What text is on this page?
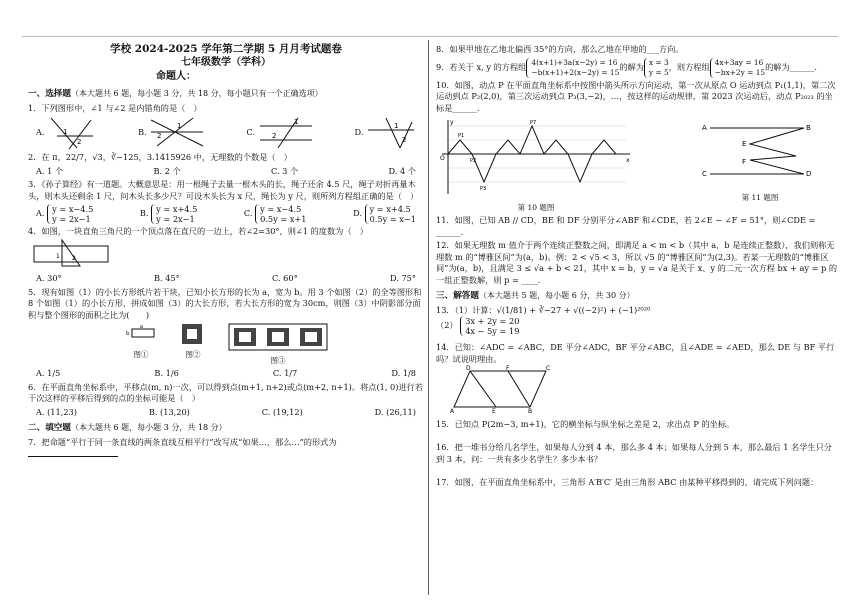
学校 2024-2025 学年第二学期 5 月月考试题卷
七年级数学（学科）
命题人：
一、选择题（本大题共 6 题，每小题 3 分，共 18 分，每小题只有一个正确选项）
1．下列图形中，∠1 与∠2 是内错角的是（　）
A.	1
2
B.
1
2	C.
1
2	D.
1
2
2．在 π，22/7，√3，∛−125，3.1415926 中，无理数的个数是（　）
A. 1 个	B. 2 个	C. 3 个	D. 4 个
3．《孙子算经》有一道题。大概意思是：用一根绳子去量一根木头的长，绳子还余 4.5 尺，绳子对折再量木头，则木头还剩余 1 尺，问木头长多少尺？可设木头长为 x 尺，绳长为 y 尺，则所列方程组正确的是（　）
A. y = x−4.5
y = 2x−1
B. y = x+4.5
y = 2x−1
C. y = x−4.5
0.5y = x+1
D. y = x+4.5
0.5y = x−1
4．如图，一块直角三角尺的一个顶点落在直尺的一边上，若∠2=30°，则∠1 的度数为（　）
1 2
A. 30°	B. 45°	C. 60°	D. 75°
5．现有如图（1）的小长方形纸片若干块，已知小长方形的长为 a，宽为 b。用 3 个如图（2）的全等图形和 8 个如图（1）的小长方形，拼成如图（3）的大长方形，若大长方形的宽为 30cm，则图（3）中阴影部分面积与整个图形的面积之比为(　　)
a
b
图①	图②
图③
A. 1/5	B. 1/6	C. 1/7	D. 1/8
6．在平面直角坐标系中，平移点(m, n)一次，可以得到点(m+1, n+2)或点(m+2, n+1)。将点(1, 0)进行若干次这样的平移后得到的点的坐标可能是（　）
A. (11,23)	B. (13,20)	C. (19,12)	D. (26,11)
二、填空题（本大题共 6 题，每小题 3 分，共 18 分）
7．把命题“平行于同一条直线的两条直线互相平行”改写成“如果…，那么…”的形式为
8．如果甲地在乙地北偏西 35°的方向，那么乙地在甲地的___方向。
9．若关于 x, y 的方程组 4(x+1)+3a(x−2y) = 16
−b(x+1)+2(x−2y) = 15
的解为 x = 3
y = 5
，则方程组 4x+3ay = 16
−bx+2y = 15
的解为______.
10．如图，动点 P 在平面直角坐标系中按图中箭头所示方向运动，第一次从原点 O 运动到点 P₁(1,1)，第二次运动到点 P₂(2,0)，第三次运动到点 P₃(3,−2)，…，按这样的运动规律，第 2023 次运动后，动点 P₂₀₂₃ 的坐标是______.
O	x
y
P1
P2
P3
P7
第 10 题图
A	B
C	D
E
F
第 11 题图
11．如图，已知 AB // CD，BE 和 DF 分别平分∠ABF 和∠CDE，若 2∠E − ∠F = 51°，则∠CDE = ______.
12．如果无理数 m 值介于两个连续正整数之间，即满足 a < m < b（其中 a，b 是连续正整数），我们则称无理数 m 的“博雅区间”为(a，b)。例：2 < √5 < 3，所以 √5 的“博雅区间”为(2,3)。若某一无理数的“博雅区间”为(a，b)，且满足 3 ≤ √a + b < 21，其中 x = b，y = √a 是关于 x、y 的二元一次方程 bx + ay = p 的一组正整数解，则 p = ____.
三、解答题（本大题共 5 题，每小题 6 分，共 30 分）
13．（1）计算：√(1/81) + ∛−27 + √((−2)²) + (−1)²⁰²⁰
（2） 3x + 2y = 20
4x − 5y = 19
14．已知：∠ADC = ∠ABC，DE 平分∠ADC，BF 平分∠ABC，且∠ADE = ∠AED，那么 DE 与 BF 平行吗？试说明理由。
D	F	C
A	E	B
15．已知点 P(2m−3, m+1)，它的横坐标与纵坐标之差是 2，求出点 P 的坐标。
16．把一堆书分给几名学生，如果每人分到 4 本，那么多 4 本；如果每人分到 5 本，那么最后 1 名学生只分到 3 本，问：一共有多少名学生？多少本书？
17．如图，在平面直角坐标系中，三角形 A′B′C′ 是由三角形 ABC 由某种平移得到的，请完成下列问题：
